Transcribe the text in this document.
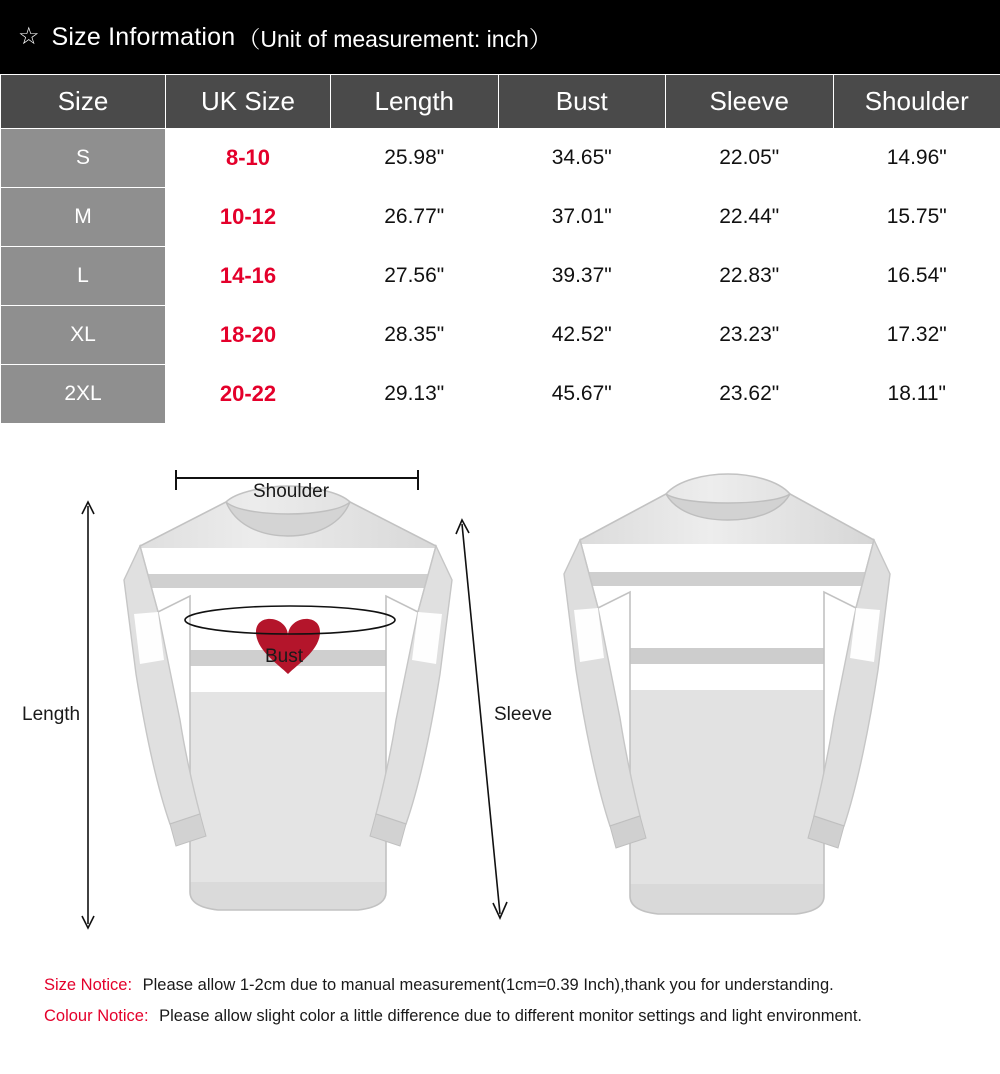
☆ Size Information （Unit of measurement: inch）
Size	UK Size	Length	Bust	Sleeve	Shoulder
S	8-10	25.98"	34.65"	22.05"	14.96"
M	10-12	26.77"	37.01"	22.44"	15.75"
L	14-16	27.56"	39.37"	22.83"	16.54"
XL	18-20	28.35"	42.52"	23.23"	17.32"
2XL	20-22	29.13"	45.67"	23.62"	18.11"
Shoulder
Bust
Length	Sleeve
Size Notice: Please allow 1-2cm due to manual measurement(1cm=0.39 Inch),thank you for understanding.
Colour Notice: Please allow slight color a little difference due to different monitor settings and light environment.
